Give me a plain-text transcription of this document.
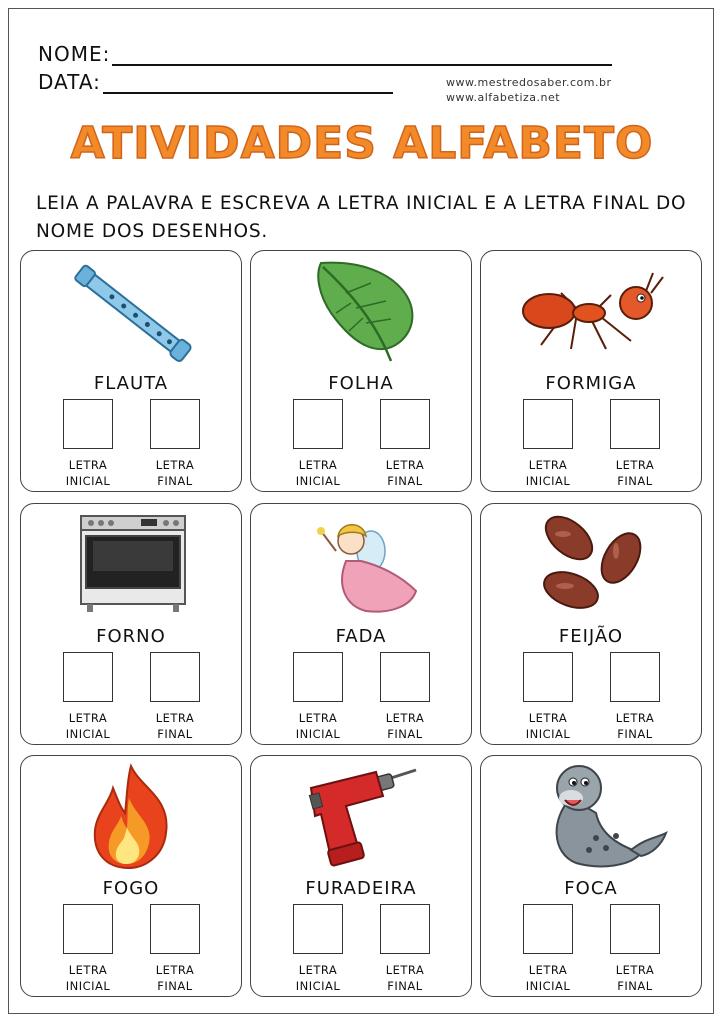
NOME:
DATA:	www.mestredosaber.com.br
www.alfabetiza.net
ATIVIDADES ALFABETO
LEIA A PALAVRA E ESCREVA A LETRA INICIAL E A LETRA FINAL DO NOME DOS DESENHOS.
FLAUTA
LETRA
INICIAL
LETRA
FINAL
FOLHA
LETRA
INICIAL
LETRA
FINAL
FORMIGA
LETRA
INICIAL
LETRA
FINAL
FORNO
LETRA
INICIAL
LETRA
FINAL
FADA
LETRA
INICIAL
LETRA
FINAL
FEIJÃO
LETRA
INICIAL
LETRA
FINAL
FOGO
LETRA
INICIAL
LETRA
FINAL
FURADEIRA
LETRA
INICIAL
LETRA
FINAL
FOCA
LETRA
INICIAL
LETRA
FINAL
